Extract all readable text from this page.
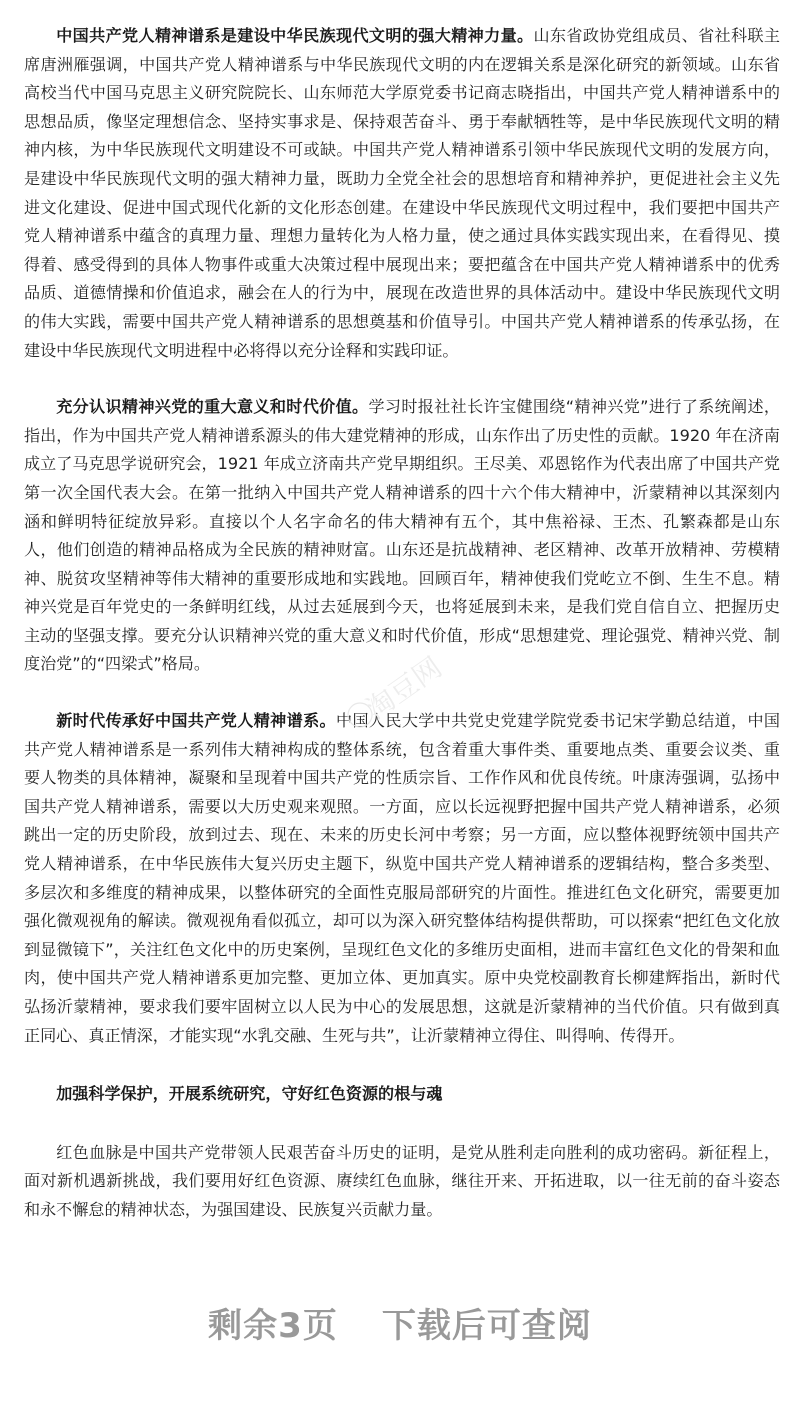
中国共产党人精神谱系是建设中华民族现代文明的强大精神力量。山东省政协党组成员、省社科联主席唐洲雁强调，中国共产党人精神谱系与中华民族现代文明的内在逻辑关系是深化研究的新领域。山东省高校当代中国马克思主义研究院院长、山东师范大学原党委书记商志晓指出，中国共产党人精神谱系中的思想品质，像坚定理想信念、坚持实事求是、保持艰苦奋斗、勇于奉献牺牲等，是中华民族现代文明的精神内核，为中华民族现代文明建设不可或缺。中国共产党人精神谱系引领中华民族现代文明的发展方向，是建设中华民族现代文明的强大精神力量，既助力全党全社会的思想培育和精神养护，更促进社会主义先进文化建设、促进中国式现代化新的文化形态创建。在建设中华民族现代文明过程中，我们要把中国共产党人精神谱系中蕴含的真理力量、理想力量转化为人格力量，使之通过具体实践实现出来，在看得见、摸得着、感受得到的具体人物事件或重大决策过程中展现出来；要把蕴含在中国共产党人精神谱系中的优秀品质、道德情操和价值追求，融会在人的行为中，展现在改造世界的具体活动中。建设中华民族现代文明的伟大实践，需要中国共产党人精神谱系的思想奠基和价值导引。中国共产党人精神谱系的传承弘扬，在建设中华民族现代文明进程中必将得以充分诠释和实践印证。

充分认识精神兴党的重大意义和时代价值。学习时报社社长许宝健围绕“精神兴党”进行了系统阐述，指出，作为中国共产党人精神谱系源头的伟大建党精神的形成，山东作出了历史性的贡献。1920 年在济南成立了马克思学说研究会，1921 年成立济南共产党早期组织。王尽美、邓恩铭作为代表出席了中国共产党第一次全国代表大会。在第一批纳入中国共产党人精神谱系的四十六个伟大精神中，沂蒙精神以其深刻内涵和鲜明特征绽放异彩。直接以个人名字命名的伟大精神有五个，其中焦裕禄、王杰、孔繁森都是山东人，他们创造的精神品格成为全民族的精神财富。山东还是抗战精神、老区精神、改革开放精神、劳模精神、脱贫攻坚精神等伟大精神的重要形成地和实践地。回顾百年，精神使我们党屹立不倒、生生不息。精神兴党是百年党史的一条鲜明红线，从过去延展到今天，也将延展到未来，是我们党自信自立、把握历史主动的坚强支撑。要充分认识精神兴党的重大意义和时代价值，形成“思想建党、理论强党、精神兴党、制度治党”的“四梁式”格局。

新时代传承好中国共产党人精神谱系。中国人民大学中共党史党建学院党委书记宋学勤总结道，中国共产党人精神谱系是一系列伟大精神构成的整体系统，包含着重大事件类、重要地点类、重要会议类、重要人物类的具体精神，凝聚和呈现着中国共产党的性质宗旨、工作作风和优良传统。叶康涛强调，弘扬中国共产党人精神谱系，需要以大历史观来观照。一方面，应以长远视野把握中国共产党人精神谱系，必须跳出一定的历史阶段，放到过去、现在、未来的历史长河中考察；另一方面，应以整体视野统领中国共产党人精神谱系，在中华民族伟大复兴历史主题下，纵览中国共产党人精神谱系的逻辑结构，整合多类型、多层次和多维度的精神成果，以整体研究的全面性克服局部研究的片面性。推进红色文化研究，需要更加强化微观视角的解读。微观视角看似孤立，却可以为深入研究整体结构提供帮助，可以探索“把红色文化放到显微镜下”，关注红色文化中的历史案例，呈现红色文化的多维历史面相，进而丰富红色文化的骨架和血肉，使中国共产党人精神谱系更加完整、更加立体、更加真实。原中央党校副教育长柳建辉指出，新时代弘扬沂蒙精神，要求我们要牢固树立以人民为中心的发展思想，这就是沂蒙精神的当代价值。只有做到真正同心、真正情深，才能实现“水乳交融、生死与共”，让沂蒙精神立得住、叫得响、传得开。

加强科学保护，开展系统研究，守好红色资源的根与魂

红色血脉是中国共产党带领人民艰苦奋斗历史的证明，是党从胜利走向胜利的成功密码。新征程上，面对新机遇新挑战，我们要用好红色资源、赓续红色血脉，继往开来、开拓进取，以一往无前的奋斗姿态和永不懈怠的精神状态，为强国建设、民族复兴贡献力量。

淘豆网
剩余3页 下载后可查阅
